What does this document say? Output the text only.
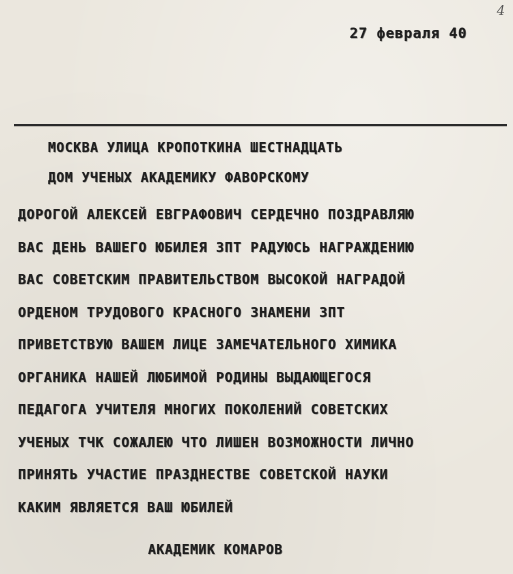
4
27 февраля 40
МОСКВА УЛИЦА КРОПОТКИНА ШЕСТНАДЦАТЬ
ДОМ УЧЕНЫХ АКАДЕМИКУ ФАВОРСКОМУ
ДОРОГОЙ АЛЕКСЕЙ ЕВГРАФОВИЧ СЕРДЕЧНО ПОЗДРАВЛЯЮ
ВАС ДЕНЬ ВАШЕГО ЮБИЛЕЯ ЗПТ РАДУЮСЬ НАГРАЖДЕНИЮ
ВАС СОВЕТСКИМ ПРАВИТЕЛЬСТВОМ ВЫСОКОЙ НАГРАДОЙ
ОРДЕНОМ ТРУДОВОГО КРАСНОГО ЗНАМЕНИ ЗПТ
ПРИВЕТСТВУЮ ВАШЕМ ЛИЦЕ ЗАМЕЧАТЕЛЬНОГО ХИМИКА
ОРГАНИКА НАШЕЙ ЛЮБИМОЙ РОДИНЫ ВЫДАЮЩЕГОСЯ
ПЕДАГОГА УЧИТЕЛЯ МНОГИХ ПОКОЛЕНИЙ СОВЕТСКИХ
УЧЕНЫХ ТЧК СОЖАЛЕЮ ЧТО ЛИШЕН ВОЗМОЖНОСТИ ЛИЧНО
ПРИНЯТЬ УЧАСТИЕ ПРАЗДНЕСТВЕ СОВЕТСКОЙ НАУКИ
КАКИМ ЯВЛЯЕТСЯ ВАШ ЮБИЛЕЙ
АКАДЕМИК КОМАРОВ
